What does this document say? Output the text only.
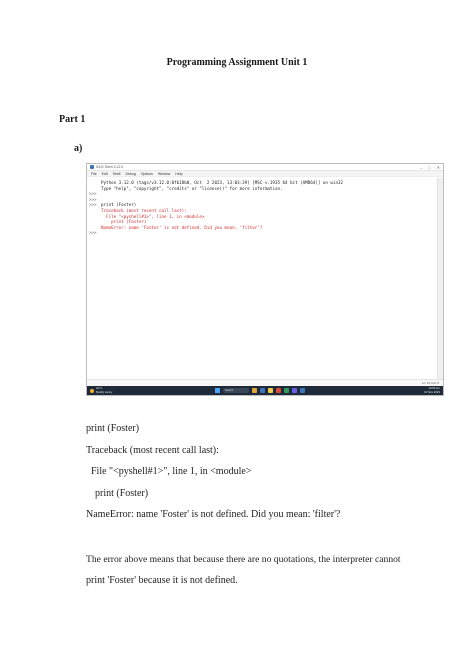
Programming Assignment Unit 1
Part 1
a)
IDLE Shell 3.12.0	– □ ✕
File Edit Shell Debug Options Window Help
Python 3.12.0 (tags/v3.12.0:0fb18b0, Oct  2 2023, 13:03:39) [MSC v.1935 64 bit (AMD64)] on win32
Type "help", "copyright", "credits" or "license()" for more information.
>>>
>>>
>>> print (Foster)
Traceback (most recent call last):
File "<pyshell#1>", line 1, in <module>
print (Foster)
NameError: name 'Foster' is not defined. Did you mean: 'filter'?
>>>
Ln: 10 Col: 0
22°C
Mostly sunny	Search
10:59 am
10 Nov 2023
print (Foster)
Traceback (most recent call last):
File "<pyshell#1>", line 1, in <module>
print (Foster)
NameError: name 'Foster' is not defined. Did you mean: 'filter'?
The error above means that because there are no quotations, the interpreter cannot
print 'Foster' because it is not defined.
